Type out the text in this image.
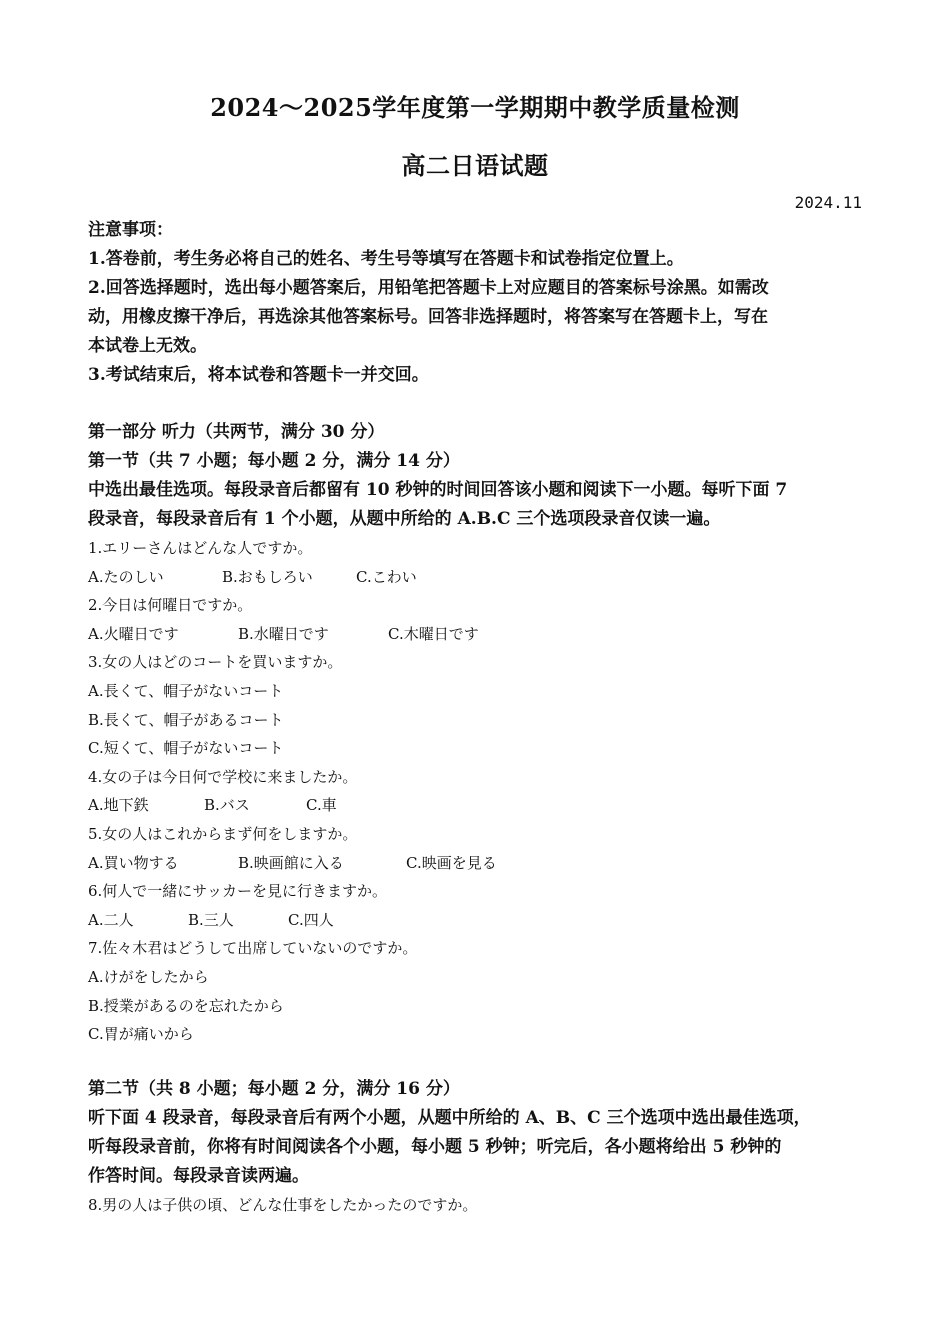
2024～2025学年度第一学期期中教学质量检测
高二日语试题
2024.11

注意事项：

1.答卷前，考生务必将自己的姓名、考生号等填写在答题卡和试卷指定位置上。

2.回答选择题时，选出每小题答案后，用铅笔把答题卡上对应题目的答案标号涂黑。如需改

动，用橡皮擦干净后，再选涂其他答案标号。回答非选择题时，将答案写在答题卡上，写在

本试卷上无效。

3.考试结束后，将本试卷和答题卡一并交回。

第一部分 听力（共两节，满分 30 分）

第一节（共 7 小题；每小题 2 分，满分 14 分）

中选出最佳选项。每段录音后都留有 10 秒钟的时间回答该小题和阅读下一小题。每听下面 7

段录音，每段录音后有 1 个小题，从题中所给的 A.B.C 三个选项段录音仅读一遍。

1.エリーさんはどんな人ですか。

A.たのしい	B.おもしろい	C.こわい

2.今日は何曜日ですか。

A.火曜日です	B.水曜日です	C.木曜日です

3.女の人はどのコートを買いますか。

A.長くて、帽子がないコート

B.長くて、帽子があるコート

C.短くて、帽子がないコート

4.女の子は今日何で学校に来ましたか。

A.地下鉄	B.バス	C.車

5.女の人はこれからまず何をしますか。

A.買い物する	B.映画館に入る	C.映画を見る

6.何人で一緒にサッカーを見に行きますか。

A.二人	B.三人	C.四人

7.佐々木君はどうして出席していないのですか。

A.けがをしたから

B.授業があるのを忘れたから

C.胃が痛いから

第二节（共 8 小题；每小题 2 分，满分 16 分）

听下面 4 段录音，每段录音后有两个小题，从题中所给的 A、B、C 三个选项中选出最佳选项，

听每段录音前，你将有时间阅读各个小题，每小题 5 秒钟；听完后，各小题将给出 5 秒钟的

作答时间。每段录音读两遍。

8.男の人は子供の頃、どんな仕事をしたかったのですか。
